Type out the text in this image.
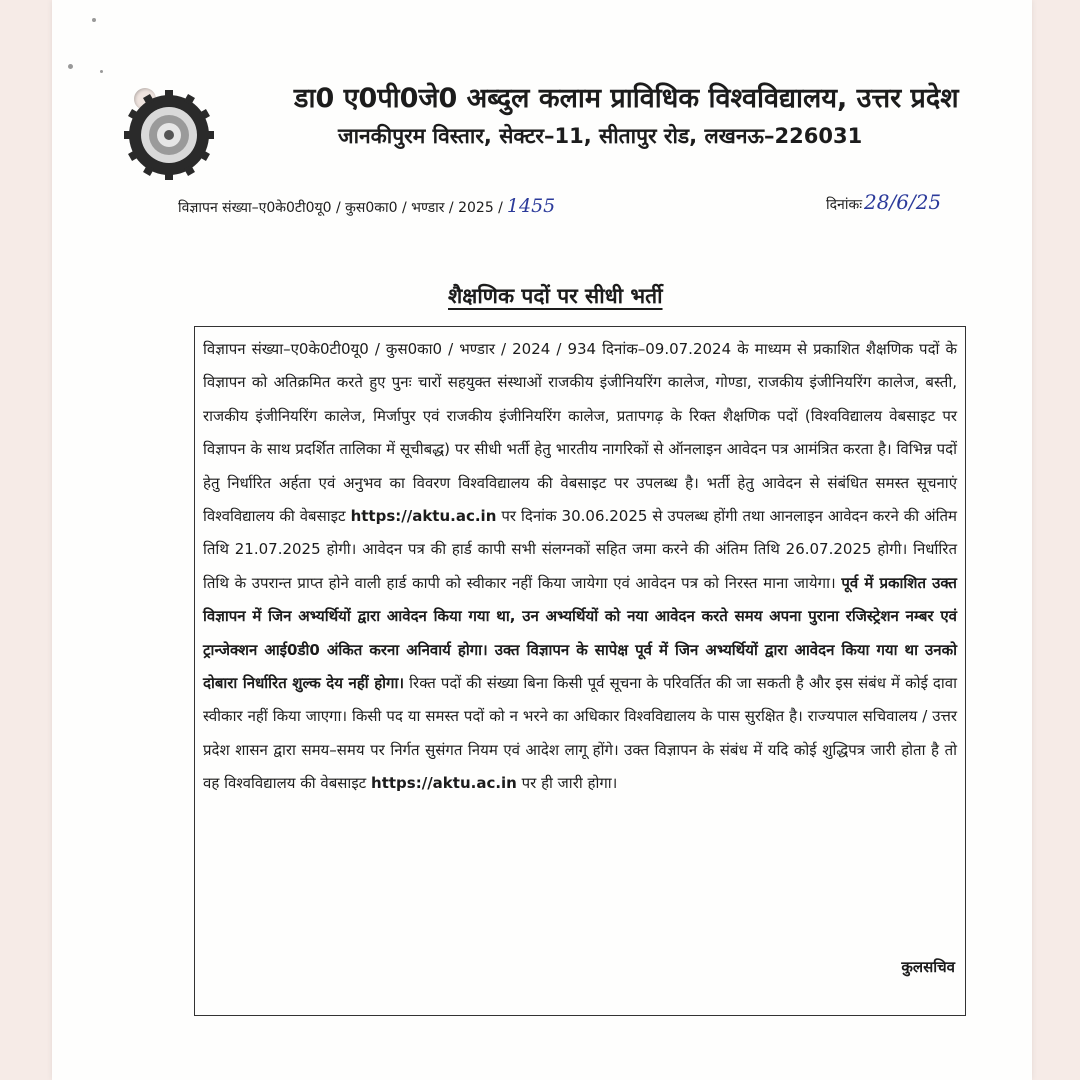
डा0 ए0पी0जे0 अब्दुल कलाम प्राविधिक विश्वविद्यालय, उत्तर प्रदेश
जानकीपुरम विस्तार, सेक्टर–11, सीतापुर रोड, लखनऊ–226031
विज्ञापन संख्या–ए0के0टी0यू0 / कुस0का0 / भण्डार / 2025 / 1455	दिनांकः 28/6/25
शैक्षणिक पदों पर सीधी भर्ती

विज्ञापन संख्या–ए0के0टी0यू0 / कुस0का0 / भण्डार / 2024 / 934 दिनांक–09.07.2024 के माध्यम से प्रकाशित शैक्षणिक पदों के विज्ञापन को अतिक्रमित करते हुए पुनः चारों सहयुक्त संस्थाओं राजकीय इंजीनियरिंग कालेज, गोण्डा, राजकीय इंजीनियरिंग कालेज, बस्ती, राजकीय इंजीनियरिंग कालेज, मिर्जापुर एवं राजकीय इंजीनियरिंग कालेज, प्रतापगढ़ के रिक्त शैक्षणिक पदों (विश्वविद्यालय वेबसाइट पर विज्ञापन के साथ प्रदर्शित तालिका में सूचीबद्ध) पर सीधी भर्ती हेतु भारतीय नागरिकों से ऑनलाइन आवेदन पत्र आमंत्रित करता है। विभिन्न पदों हेतु निर्धारित अर्हता एवं अनुभव का विवरण विश्वविद्यालय की वेबसाइट पर उपलब्ध है। भर्ती हेतु आवेदन से संबंधित समस्त सूचनाएं विश्वविद्यालय की वेबसाइट https://aktu.ac.in पर दिनांक 30.06.2025 से उपलब्ध होंगी तथा आनलाइन आवेदन करने की अंतिम तिथि 21.07.2025 होगी। आवेदन पत्र की हार्ड कापी सभी संलग्नकों सहित जमा करने की अंतिम तिथि 26.07.2025 होगी। निर्धारित तिथि के उपरान्त प्राप्त होने वाली हार्ड कापी को स्वीकार नहीं किया जायेगा एवं आवेदन पत्र को निरस्त माना जायेगा। पूर्व में प्रकाशित उक्त विज्ञापन में जिन अभ्यर्थियों द्वारा आवेदन किया गया था, उन अभ्यर्थियों को नया आवेदन करते समय अपना पुराना रजिस्ट्रेशन नम्बर एवं ट्रान्जेक्शन आई0डी0 अंकित करना अनिवार्य होगा। उक्त विज्ञापन के सापेक्ष पूर्व में जिन अभ्यर्थियों द्वारा आवेदन किया गया था उनको दोबारा निर्धारित शुल्क देय नहीं होगा। रिक्त पदों की संख्या बिना किसी पूर्व सूचना के परिवर्तित की जा सकती है और इस संबंध में कोई दावा स्वीकार नहीं किया जाएगा। किसी पद या समस्त पदों को न भरने का अधिकार विश्वविद्यालय के पास सुरक्षित है। राज्यपाल सचिवालय / उत्तर प्रदेश शासन द्वारा समय–समय पर निर्गत सुसंगत नियम एवं आदेश लागू होंगे। उक्त विज्ञापन के संबंध में यदि कोई शुद्धिपत्र जारी होता है तो वह विश्वविद्यालय की वेबसाइट https://aktu.ac.in पर ही जारी होगा।

कुलसचिव
